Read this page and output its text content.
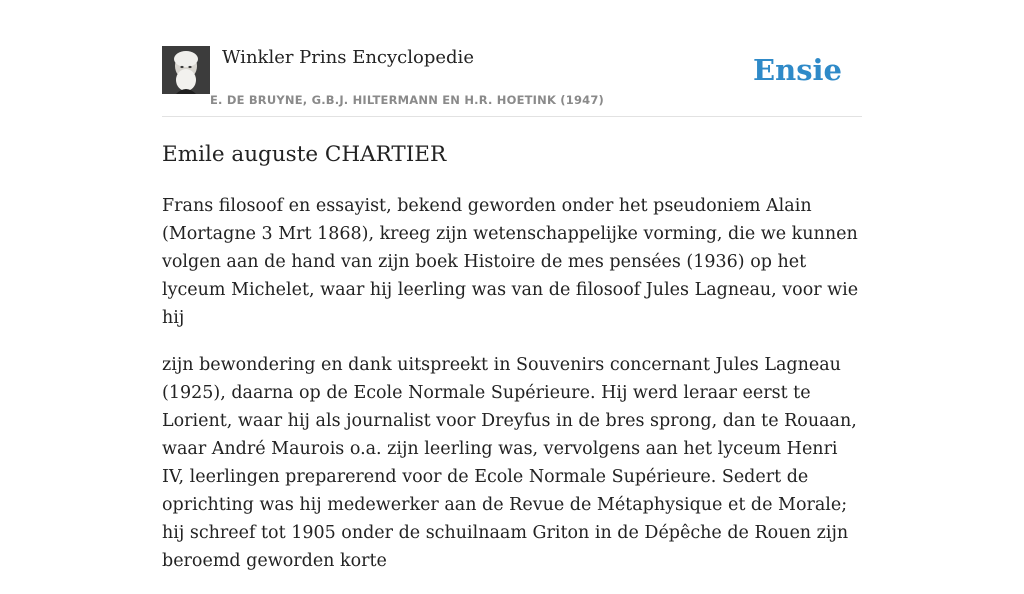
Winkler Prins Encyclopedie
E. DE BRUYNE, G.B.J. HILTERMANN EN H.R. HOETINK (1947)
Ensie
Emile auguste CHARTIER

Frans filosoof en essayist, bekend geworden onder het pseudoniem Alain (Mortagne 3 Mrt 1868), kreeg zijn wetenschappelijke vorming, die we kunnen volgen aan de hand van zijn boek Histoire de mes pensées (1936) op het lyceum Michelet, waar hij leerling was van de filosoof Jules Lagneau, voor wie hij

zijn bewondering en dank uitspreekt in Souvenirs concernant Jules Lagneau (1925), daarna op de Ecole Normale Supérieure. Hij werd leraar eerst te Lorient, waar hij als journalist voor Dreyfus in de bres sprong, dan te Rouaan, waar André Maurois o.a. zijn leerling was, vervolgens aan het lyceum Henri IV, leerlingen preparerend voor de Ecole Normale Supérieure. Sedert de oprichting was hij medewerker aan de Revue de Métaphysique et de Morale; hij schreef tot 1905 onder de schuilnaam Griton in de Dépêche de Rouen zijn beroemd geworden korte
